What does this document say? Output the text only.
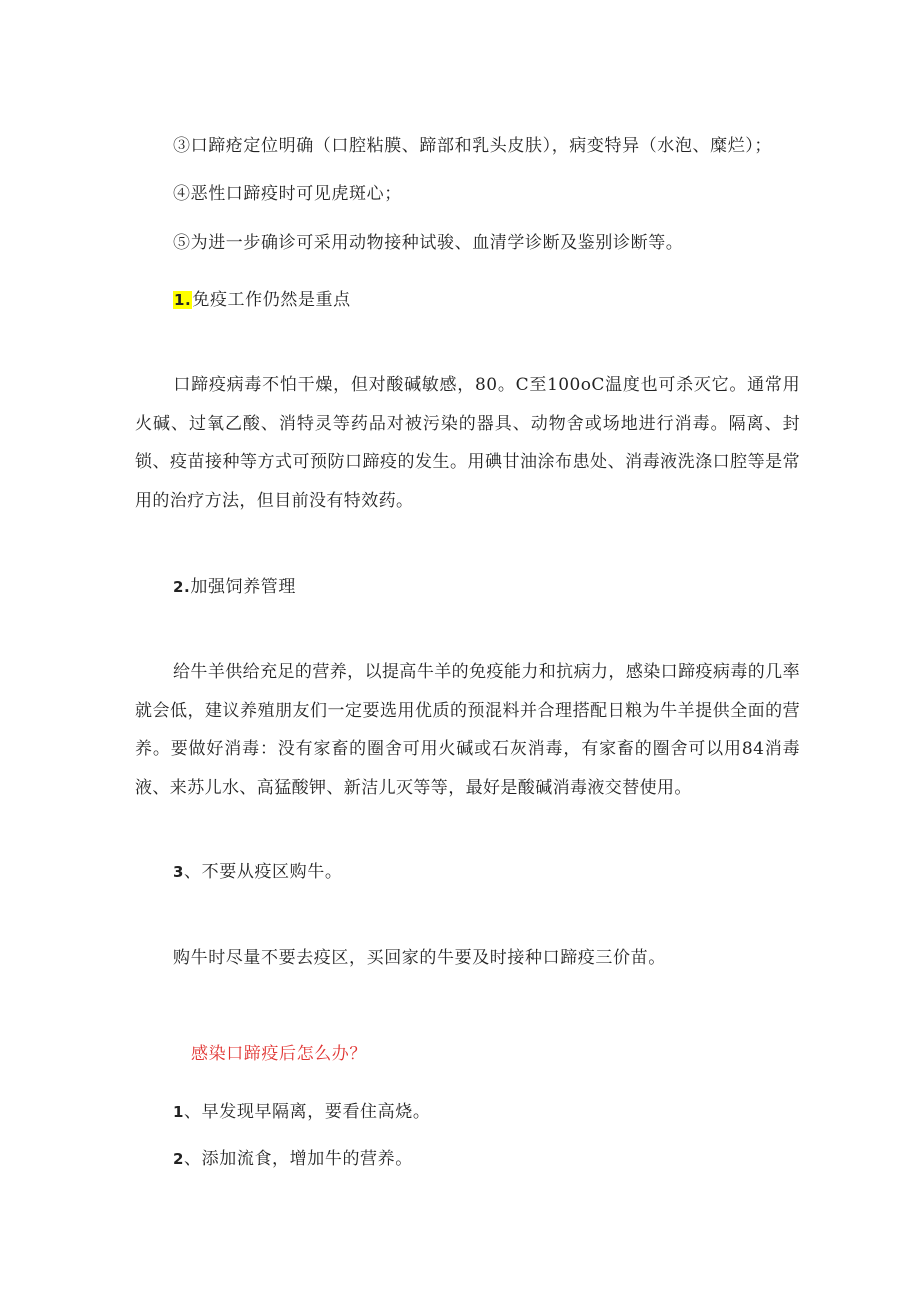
③口蹄疮定位明确（口腔粘膜、蹄部和乳头皮肤），病变特异（水泡、糜烂）；
④恶性口蹄疫时可见虎斑心；
⑤为进一步确诊可采用动物接种试骏、血清学诊断及鉴别诊断等。
1.免疫工作仍然是重点
口蹄疫病毒不怕干燥，但对酸碱敏感，80。C至100oC温度也可杀灭它。通常用火碱、过氧乙酸、消特灵等药品对被污染的器具、动物舍或场地进行消毒。隔离、封锁、疫苗接种等方式可预防口蹄疫的发生。用碘甘油涂布患处、消毒液洗涤口腔等是常用的治疗方法，但目前没有特效药。
2.加强饲养管理
给牛羊供给充足的营养，以提高牛羊的免疫能力和抗病力，感染口蹄疫病毒的几率就会低，建议养殖朋友们一定要选用优质的预混料并合理搭配日粮为牛羊提供全面的营养。要做好消毒：没有家畜的圈舍可用火碱或石灰消毒，有家畜的圈舍可以用84消毒液、来苏儿水、高猛酸钾、新洁儿灭等等，最好是酸碱消毒液交替使用。
3、不要从疫区购牛。
购牛时尽量不要去疫区，买回家的牛要及时接种口蹄疫三价苗。
感染口蹄疫后怎么办？
1、早发现早隔离，要看住高烧。
2、添加流食，增加牛的营养。
